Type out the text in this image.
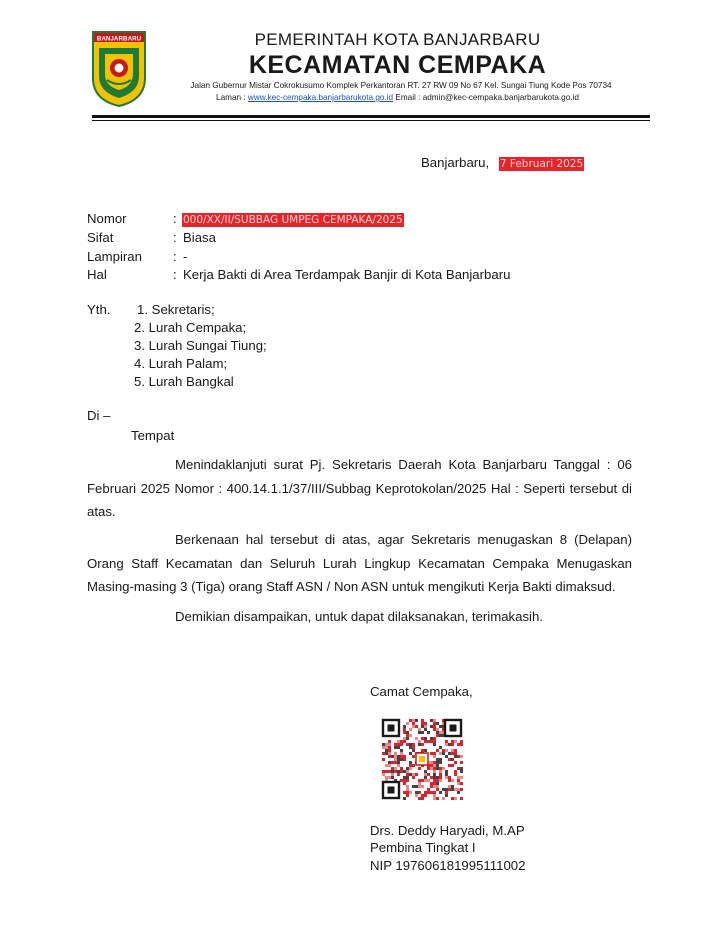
BANJARBARU	PEMERINTAH KOTA BANJARBARU
KECAMATAN CEMPAKA
Jalan Gubernur Mistar Cokrokusumo Komplek Perkantoran RT. 27 RW 09 No 67 Kel. Sungai Tiung Kode Pos 70734
Laman : www.kec-cempaka.banjarbarukota.go.id Email : admin@kec-cempaka.banjarbarukota.go.id
Banjarbaru, 7 Februari 2025
Nomor	: 000/XX/II/SUBBAG UMPEG CEMPAKA/2025
Sifat	: Biasa
Lampiran : -
Hal	: Kerja Bakti di Area Terdampak Banjir di Kota Banjarbaru
Yth. 1. Sekretaris;
2. Lurah Cempaka;
3. Lurah Sungai Tiung;
4. Lurah Palam;
5. Lurah Bangkal
Di –
Tempat
Menindaklanjuti surat Pj. Sekretaris Daerah Kota Banjarbaru Tanggal : 06 Februari 2025 Nomor : 400.14.1.1/37/III/Subbag Keprotokolan/2025 Hal : Seperti tersebut di atas.
Berkenaan hal tersebut di atas, agar Sekretaris menugaskan 8 (Delapan) Orang Staff Kecamatan dan Seluruh Lurah Lingkup Kecamatan Cempaka Menugaskan Masing-masing 3 (Tiga) orang Staff ASN / Non ASN untuk mengikuti Kerja Bakti dimaksud.
Demikian disampaikan, untuk dapat dilaksanakan, terimakasih.
Camat Cempaka,
Drs. Deddy Haryadi, M.AP
Pembina Tingkat I
NIP 197606181995111002
